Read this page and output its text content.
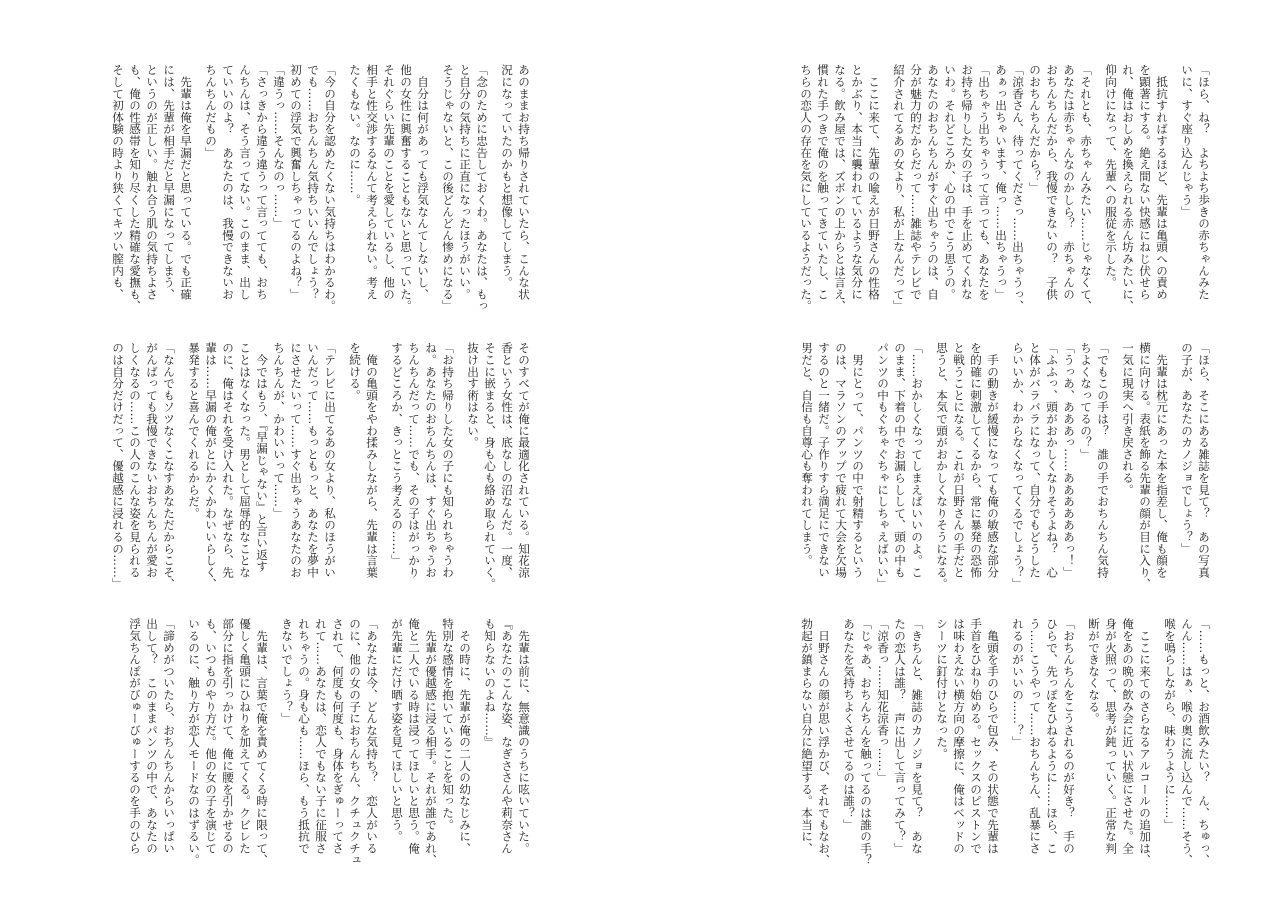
あのままお持ち帰りされていたら、こんな状
況になっていたのかもと想像してしまう。
「念のために忠告しておくわ。あなたは、もっ
と自分の気持ちに正直になったほうがいい。
そうじゃないと、この後どんどん惨めになる」
　自分は何があっても浮気なんてしないし、
他の女性に興奮することもないと思っていた。
それぐらい先輩のことを愛しているし、他の
相手と性交渉するなんて考えられない。考え
たくもない。なのに……。
「今の自分を認めたくない気持ちはわかるわ。
でも……おちんちん気持ちいいんでしょう？
初めての浮気で興奮しちゃってるのよね？」
「違うっ……そんなのっ……」
「さっきから違う違うって言ってても、おち
んちんは、そう言ってない。このまま、出し
ていいのよ？　あなたのは、我慢できないお
ちんちんだもの」
　先輩は俺を早漏だと思っている。でも正確
には、先輩が相手だと早漏になってしまう、
というのが正しい。触れ合う肌の気持ちよさ
も、俺の性感帯を知り尽くした精確な愛撫も、
そして初体験の時より狭くてキツい膣内も、
そのすべてが俺に最適化されている。知花涼
香という女性は、底なしの沼なんだ。一度、
そこに嵌まると、身も心も絡め取られていく。
抜け出す術はない。
「お持ち帰りした女の子にも知られちゃうわ
ね。あなたのおちんちんは、すぐ出ちゃうお
ちんちんだって……でも、その子はがっかり
するどころか、きっとこう考えるの……」
　俺の亀頭をやわ揉みしながら、先輩は言葉
を続ける。
「テレビに出てるあの女より、私のほうがい
いんだって……もっともっと、あなたを夢中
にさせたいって……すぐ出ちゃうあなたのお
ちんちんが、かわいいって……」
　今ではもう、『早漏じゃない』と言い返す
ことはなくなった。男として屈辱的なことな
のに、俺はそれを受け入れた。なぜなら、先
輩は……早漏の俺がとにかくかわいいらしく、
暴発すると喜んでくれるからだ。
「なんでもソツなくこなすあなただからこそ、
がんばっても我慢できないおちんちんが愛お
しくなるの……この人のこんな姿を見られる
のは自分だけだって、優越感に浸れるの……」
　先輩は前に、無意識のうちに呟いていた。
『あなたのこんな姿、なぎささんや莉奈さん
も知らないのよね……』
　その時に、先輩が俺の二人の幼なじみに、
特別な感情を抱いていることを知った。
　先輩が優越感に浸る相手。それが誰であれ、
俺と二人でいる時は浸ってほしいと思う。俺
が先輩にだけ晒す姿を見てほしいと思う。
「あなたは今、どんな気持ち？　恋人がいる
のに、他の女の子におちんちん、クチュクチュ
されて、何度も何度も、身体をぎゅーってさ
れて……あなたは、恋人でもない子に征服さ
れちゃうの。身も心も……ほら、もう抵抗で
きないでしょう？」
　先輩は、言葉で俺を責めてくる時に限って、
優しく亀頭にひねりを加えてくる。クビレた
部分に指を引っかけて、俺に腰を引かせるの
も、いつものやり方だ。他の女の子を演じて
いるのに、触り方が恋人モードなのはずるい。
「諦めがついたら、おちんちんからいっぱい
出して？　このままパンツの中で、あなたの
浮気ちんぽがびゅーびゅーするのを手のひら
「ほら、ね？　よちよち歩きの赤ちゃんみた
いに、すぐ座り込んじゃう」
　抵抗すればするほど、先輩は亀頭への責め
を顕著にする。絶え間ない快感にねじ伏せら
れ、俺はおしめを換えられる赤ん坊みたいに、
仰向けになって、先輩への服従を示した。
「それとも、赤ちゃんみたい……じゃなくて、
あなたは赤ちゃんなのかしら？　赤ちゃんの
おちんちんだから、我慢できないの？　子供
のおちんちんだから？」
「涼香さん、待ってくださっ……出ちゃうっ、
あぁっ出ちゃいます、俺っ……出ちゃうっ」
「出ちゃう出ちゃうって言っても、あなたを
お持ち帰りした女の子は、手を止めてくれな
いわ。それどころか、心の中でこう思うの。
あなたのおちんちんがすぐ出ちゃうのは、自
分が魅力的だからだって……雑誌やテレビで
紹介されてるあの女より、私が上なんだって」
　ここに来て、先輩の喩えが日野さんの性格
とかぶり、本当に襲われているような気分に
なる。飲み屋では、ズボンの上からとは言え、
慣れた手つきで俺のを触ってきていたし、こ
ちらの恋人の存在を気にしているようだった。
「ほら、そこにある雑誌を見て？　あの写真
の子が、あなたのカノジョでしょう？」
　先輩は枕元にあった本を指差し、俺も顔を
横に向ける。表紙を飾る先輩の顔が目に入り、
一気に現実へ引き戻される。
「でもこの手は？　誰の手でおちんちん気持
ちよくなってるの？」
「うっあ、あああっ……ああああああっ！」
「ふふっ、頭がおかしくなりそうよね？　心
と体がバラバラになって、自分でもどうした
らいいか、わからなくなってくるでしょう？」
　手の動きが緩慢になっても俺の敏感な部分
を的確に刺激してくるから、常に暴発の恐怖
と戦うことになる。これが日野さんの手だと
思うと、本気で頭がおかしくなりそうになる。
「……おかしくなってしまえばいいのよ。こ
のまま、下着の中でお漏らしして、頭の中も
パンツの中もぐちゃぐちゃにしちゃえばいい」
　男にとって、パンツの中で射精するという
のは、マラソンのアップで疲れて大会を欠場
するのと一緒だ。子作りすら満足にできない
男だと、自信も自尊心も奪われてしまう。
「……もっと、お酒飲みたい？　ん、ちゅっ、
んん……はぁ、喉の奥に流し込んで……そう、
喉を鳴らしながら、味わうように……」
　ここに来てのさらなるアルコールの追加は、
俺をあの晩の飲み会に近い状態にさせた。全
身が火照って、思考が鈍っていく。正常な判
断ができなくなる。
「おちんちんをこうされるのが好き？　手の
ひらで、先っぽをひねるように……ほら、こ
う……こうやって……おちんちん、乱暴にさ
れるのがいいの……？」
　亀頭を手のひらで包み、その状態で先輩は
手首をひねり始める。セックスのピストンで
は味わえない横方向の摩擦に、俺はベッドの
シーツに釘付けとなった。
「きちんと、雑誌のカノジョを見て？　あな
たの恋人は誰？　声に出して言ってみて？」
「涼香っ……知花涼香っ……」
「じゃあ、おちんちんを触ってるのは誰の手？
あなたを気持ちよくさせてるのは誰？」
　日野さんの顔が思い浮かび、それでもなお、
勃起が鎮まらない自分に絶望する。本当に、
